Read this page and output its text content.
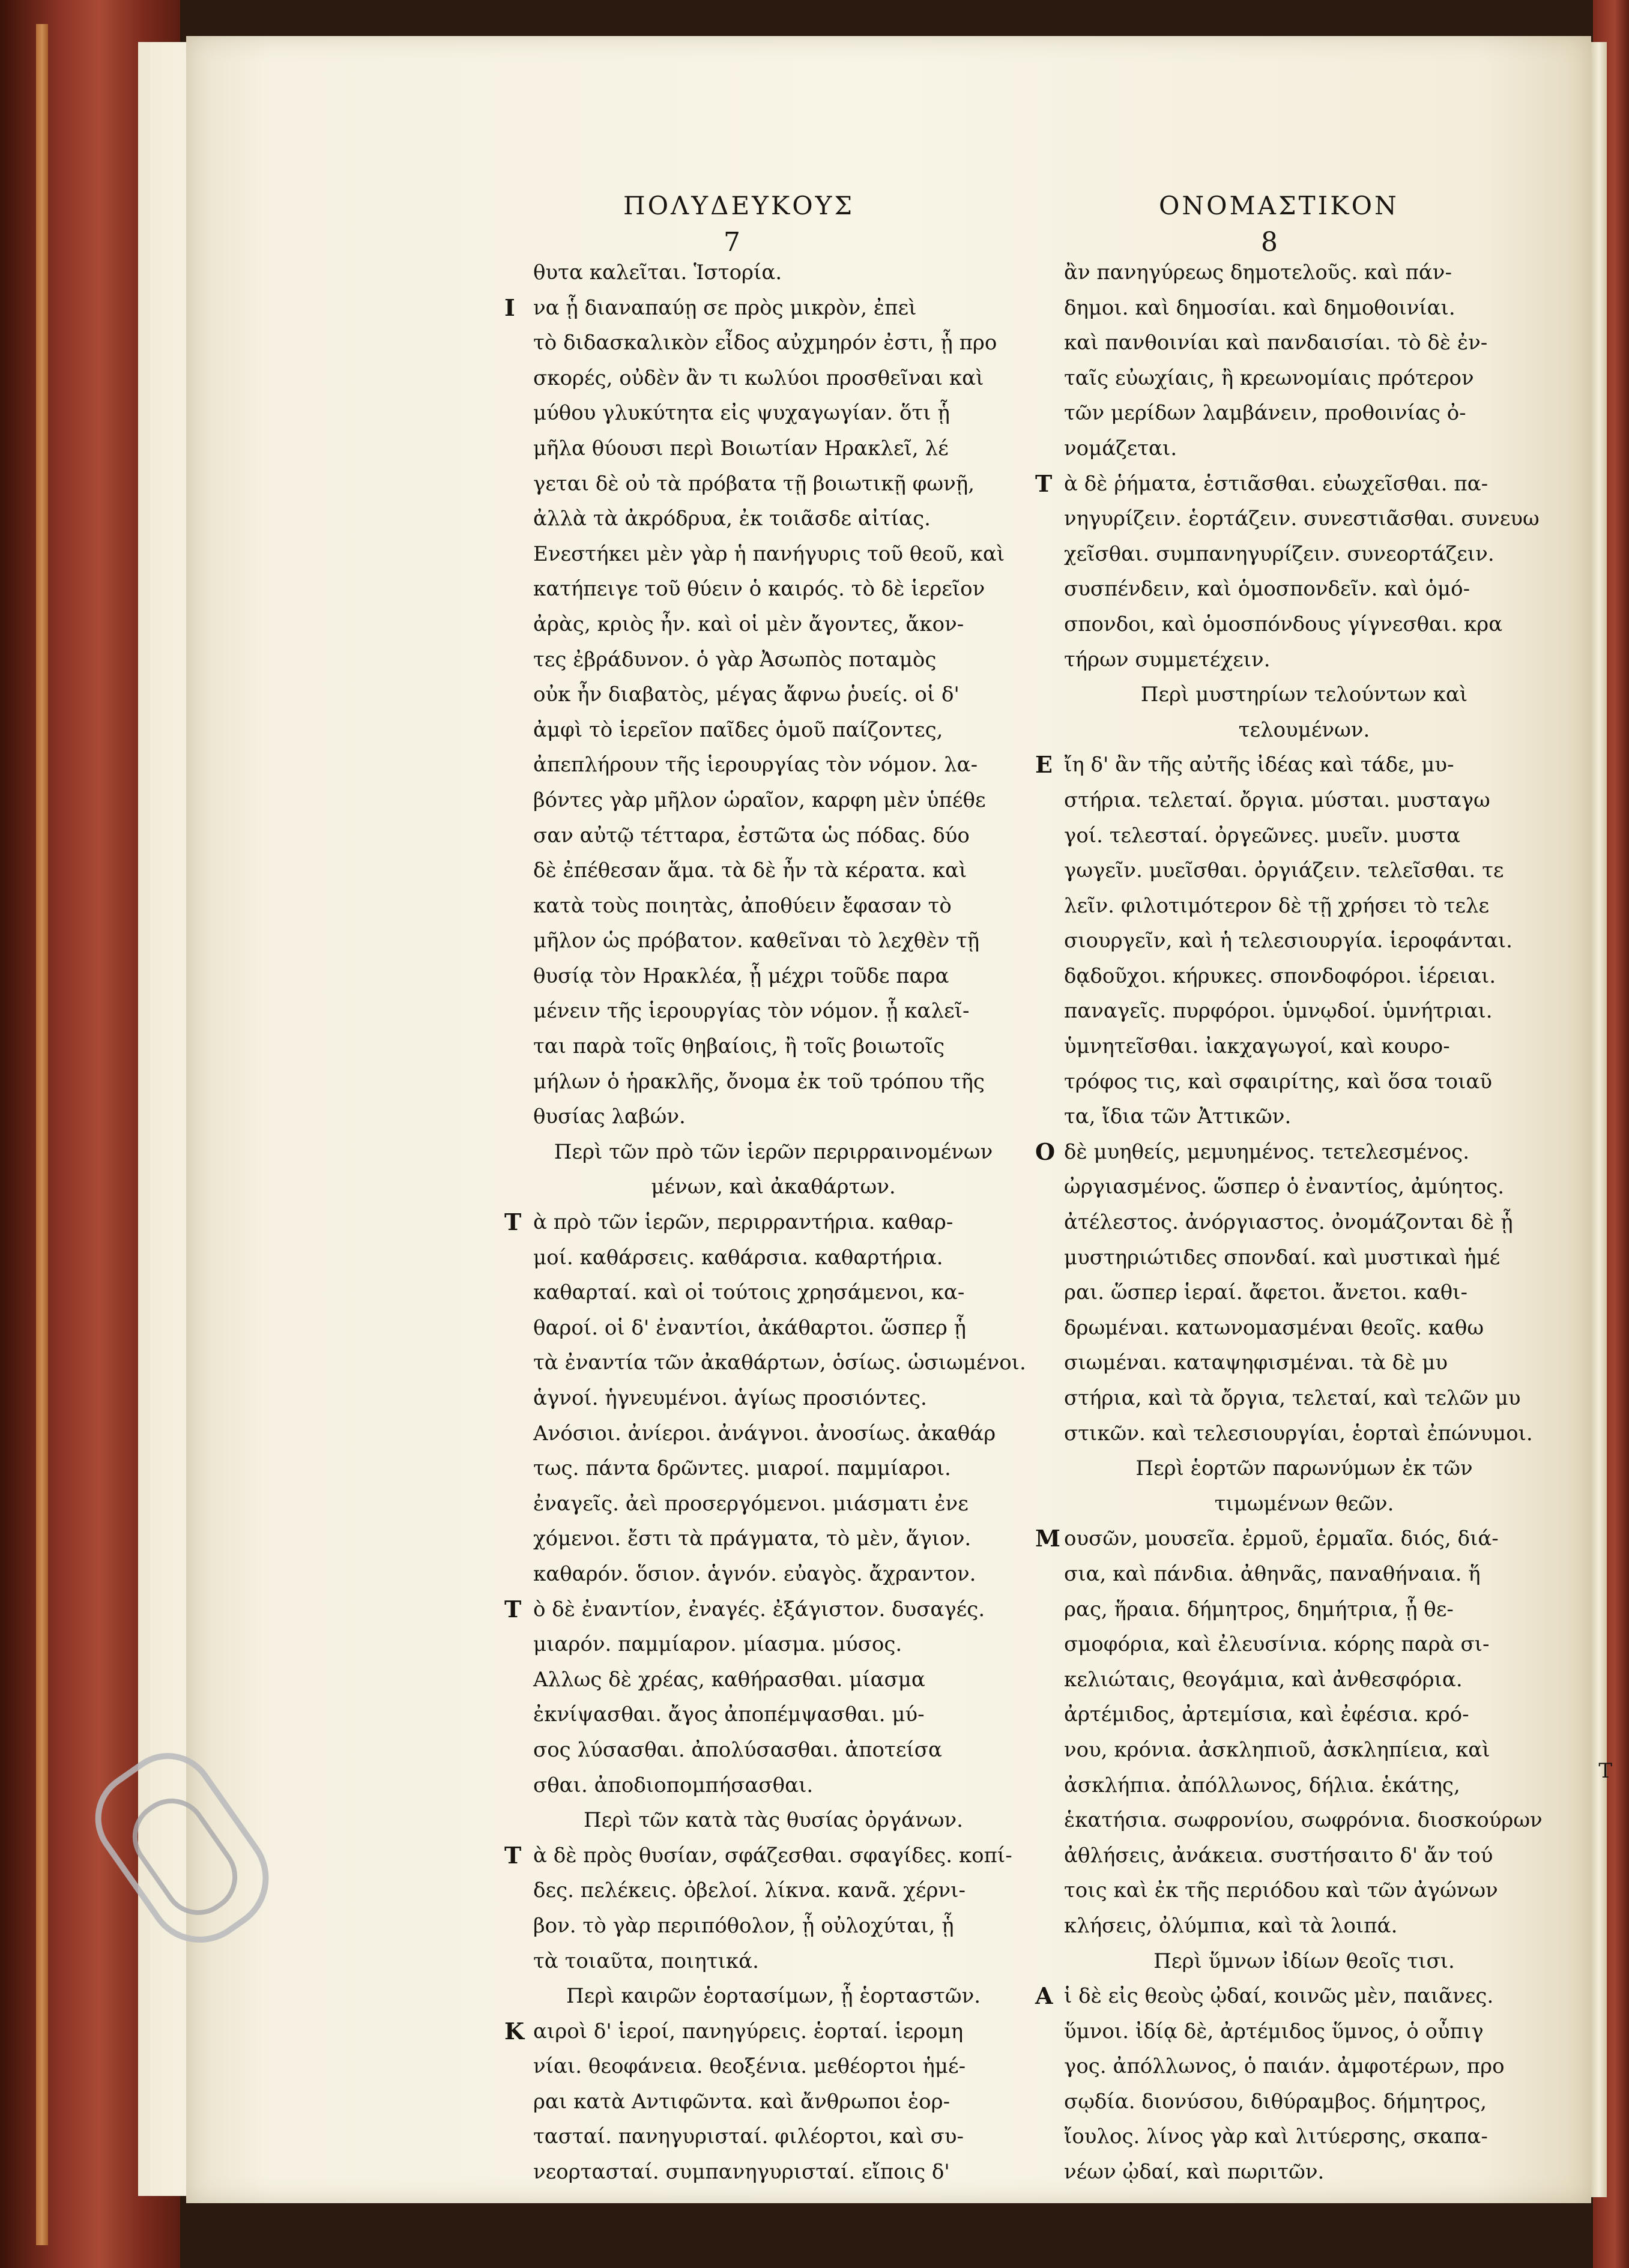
ΠΟΛΥΔΕΥΚΟΥΣ	ΟΝΟΜΑΣΤΙΚΟΝ
7	8
θυτα καλεῖται. Ἱστορία.
Ι να ᾗ διαναπαύῃ σε πρὸς μικρὸν, ἐπεὶ
τὸ διδασκαλικὸν εἶδος αὐχμηρόν ἐστι, ᾗ προ
σκορές, οὐδὲν ἂν τι κωλύοι προσθεῖναι καὶ
μύθου γλυκύτητα εἰς ψυχαγωγίαν. ὅτι ᾗ
μῆλα θύουσι περὶ Βοιωτίαν Ηρακλεῖ, λέ
γεται δὲ οὐ τὰ πρόβατα τῇ βοιωτικῇ φωνῇ,
ἀλλὰ τὰ ἀκρόδρυα, ἐκ τοιᾶσδε αἰτίας.
Ενεστήκει μὲν γὰρ ἡ πανήγυρις τοῦ θεοῦ, καὶ
κατήπειγε τοῦ θύειν ὁ καιρός. τὸ δὲ ἱερεῖον
ἀρὰς, κριὸς ἦν. καὶ οἱ μὲν ἄγοντες, ἄκον-
τες ἐβράδυνον. ὁ γὰρ Ἀσωπὸς ποταμὸς
οὐκ ἦν διαβατὸς, μέγας ἄφνω ῥυείς. οἱ δ'
ἀμφὶ τὸ ἱερεῖον παῖδες ὁμοῦ παίζοντες,
ἀπεπλήρουν τῆς ἱερουργίας τὸν νόμον. λα-
βόντες γὰρ μῆλον ὡραῖον, καρφη μὲν ὑπέθε
σαν αὐτῷ τέτταρα, ἐστῶτα ὡς πόδας. δύο
δὲ ἐπέθεσαν ἅμα. τὰ δὲ ἦν τὰ κέρατα. καὶ
κατὰ τοὺς ποιητὰς, ἀποθύειν ἔφασαν τὸ
μῆλον ὡς πρόβατον. καθεῖναι τὸ λεχθὲν τῇ
θυσίᾳ τὸν Ηρακλέα, ᾗ μέχρι τοῦδε παρα
μένειν τῆς ἱερουργίας τὸν νόμον. ᾗ καλεῖ-
ται παρὰ τοῖς θηβαίοις, ἢ τοῖς βοιωτοῖς
μήλων ὁ ἡρακλῆς, ὄνομα ἐκ τοῦ τρόπου τῆς
θυσίας λαβών.
Περὶ τῶν πρὸ τῶν ἱερῶν περιρραινομένων
μένων, καὶ ἀκαθάρτων.
Τ ὰ πρὸ τῶν ἱερῶν, περιρραντήρια. καθαρ-
μοί. καθάρσεις. καθάρσια. καθαρτήρια.
καθαρταί. καὶ οἱ τούτοις χρησάμενοι, κα-
θαροί. οἱ δ' ἐναντίοι, ἀκάθαρτοι. ὥσπερ ᾗ
τὰ ἐναντία τῶν ἀκαθάρτων, ὁσίως. ὡσιωμένοι.
ἁγνοί. ἡγνευμένοι. ἁγίως προσιόντες.
Ανόσιοι. ἀνίεροι. ἀνάγνοι. ἀνοσίως. ἀκαθάρ
τως. πάντα δρῶντες. μιαροί. παμμίαροι.
ἐναγεῖς. ἀεὶ προσεργόμενοι. μιάσματι ἐνε
χόμενοι. ἔστι τὰ πράγματα, τὸ μὲν, ἅγιον.
καθαρόν. ὅσιον. ἁγνόν. εὐαγὸς. ἄχραντον.
Τ ὸ δὲ ἐναντίον, ἐναγές. ἐξάγιστον. δυσαγές.
μιαρόν. παμμίαρον. μίασμα. μύσος.
Αλλως δὲ χρέας, καθήρασθαι. μίασμα
ἐκνίψασθαι. ἄγος ἀποπέμψασθαι. μύ-
σος λύσασθαι. ἀπολύσασθαι. ἀποτείσα
σθαι. ἀποδιοπομπήσασθαι.
Περὶ τῶν κατὰ τὰς θυσίας ὀργάνων.
Τ ὰ δὲ πρὸς θυσίαν, σφάζεσθαι. σφαγίδες. κοπί-
δες. πελέκεις. ὀβελοί. λίκνα. κανᾶ. χέρνι-
βον. τὸ γὰρ περιπόθολον, ᾗ οὐλοχύται, ᾗ
τὰ τοιαῦτα, ποιητικά.
Περὶ καιρῶν ἑορτασίμων, ᾗ ἑορταστῶν.
Κ αιροὶ δ' ἱεροί, πανηγύρεις. ἑορταί. ἱερομη
νίαι. θεοφάνεια. θεοξένια. μεθέορτοι ἡμέ-
ραι κατὰ Αντιφῶντα. καὶ ἄνθρωποι ἑορ-
τασταί. πανηγυρισταί. φιλέορτοι, καὶ συ-
νεορτασταί. συμπανηγυρισταί. εἴποις δ'
ἂν πανηγύρεως δημοτελοῦς. καὶ πάν-
δημοι. καὶ δημοσίαι. καὶ δημοθοινίαι.
καὶ πανθοινίαι καὶ πανδαισίαι. τὸ δὲ ἐν-
ταῖς εὐωχίαις, ἢ κρεωνομίαις πρότερον
τῶν μερίδων λαμβάνειν, προθοινίας ὀ-
νομάζεται.
Τ ὰ δὲ ῥήματα, ἑστιᾶσθαι. εὐωχεῖσθαι. πα-
νηγυρίζειν. ἑορτάζειν. συνεστιᾶσθαι. συνευω
χεῖσθαι. συμπανηγυρίζειν. συνεορτάζειν.
συσπένδειν, καὶ ὁμοσπονδεῖν. καὶ ὁμό-
σπονδοι, καὶ ὁμοσπόνδους γίγνεσθαι. κρα
τήρων συμμετέχειν.
Περὶ μυστηρίων τελούντων καὶ
τελουμένων.
Ε ἴη δ' ἂν τῆς αὐτῆς ἰδέας καὶ τάδε, μυ-
στήρια. τελεταί. ὄργια. μύσται. μυσταγω
γοί. τελεσταί. ὀργεῶνες. μυεῖν. μυστα
γωγεῖν. μυεῖσθαι. ὀργιάζειν. τελεῖσθαι. τε
λεῖν. φιλοτιμότερον δὲ τῇ χρήσει τὸ τελε
σιουργεῖν, καὶ ἡ τελεσιουργία. ἱεροφάνται.
δᾳδοῦχοι. κήρυκες. σπονδοφόροι. ἱέρειαι.
παναγεῖς. πυρφόροι. ὑμνῳδοί. ὑμνήτριαι.
ὑμνητεῖσθαι. ἰακχαγωγοί, καὶ κουρο-
τρόφος τις, καὶ σφαιρίτης, καὶ ὅσα τοιαῦ
τα, ἴδια τῶν Ἀττικῶν.
Ο δὲ μυηθείς, μεμυημένος. τετελεσμένος.
ὠργιασμένος. ὥσπερ ὁ ἐναντίος, ἀμύητος.
ἀτέλεστος. ἀνόργιαστος. ὀνομάζονται δὲ ᾗ
μυστηριώτιδες σπονδαί. καὶ μυστικαὶ ἡμέ
ραι. ὥσπερ ἱεραί. ἄφετοι. ἄνετοι. καθι-
δρωμέναι. κατωνομασμέναι θεοῖς. καθω
σιωμέναι. καταψηφισμέναι. τὰ δὲ μυ
στήρια, καὶ τὰ ὄργια, τελεταί, καὶ τελῶν μυ
στικῶν. καὶ τελεσιουργίαι, ἑορταὶ ἐπώνυμοι.
Περὶ ἑορτῶν παρωνύμων ἐκ τῶν
τιμωμένων θεῶν.
Μ ουσῶν, μουσεῖα. ἐρμοῦ, ἑρμαῖα. διός, διά-
σια, καὶ πάνδια. ἀθηνᾶς, παναθήναια. ἥ
ρας, ἥραια. δήμητρος, δημήτρια, ᾗ θε-
σμοφόρια, καὶ ἐλευσίνια. κόρης παρὰ σι-
κελιώταις, θεογάμια, καὶ ἀνθεσφόρια.
ἀρτέμιδος, ἀρτεμίσια, καὶ ἐφέσια. κρό-
νου, κρόνια. ἀσκληπιοῦ, ἀσκληπίεια, καὶ
ἀσκλήπια. ἀπόλλωνος, δήλια. ἑκάτης,
ἑκατήσια. σωφρονίου, σωφρόνια. διοσκούρων
ἀθλήσεις, ἀνάκεια. συστήσαιτο δ' ἄν τού
τοις καὶ ἐκ τῆς περιόδου καὶ τῶν ἀγώνων
κλήσεις, ὀλύμπια, καὶ τὰ λοιπά.
Περὶ ὕμνων ἰδίων θεοῖς τισι.
Α ἱ δὲ εἰς θεοὺς ᾠδαί, κοινῶς μὲν, παιᾶνες.
ὕμνοι. ἰδίᾳ δὲ, ἀρτέμιδος ὕμνος, ὁ οὖπιγ
γος. ἀπόλλωνος, ὁ παιάν. ἀμφοτέρων, προ
σῳδία. διονύσου, διθύραμβος. δήμητρος,
ἴουλος. λίνος γὰρ καὶ λιτύερσης, σκαπα-
νέων ᾠδαί, καὶ πωριτῶν.
Τ
